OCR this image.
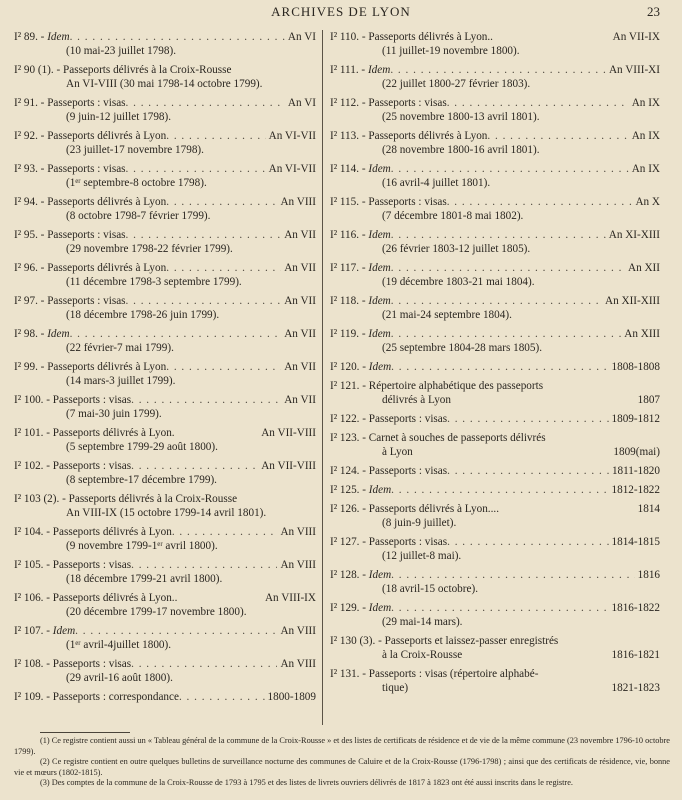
ARCHIVES DE LYON	23
I² 89. - Idem . . .	An VI
(10 mai-23 juillet 1798).
I² 90 (1). - Passeports délivrés à la Croix-Rousse
An VI-VIII (30 mai 1798-14 octobre 1799).
I² 91. - Passeports : visas . . .	An VI
(9 juin-12 juillet 1798).
I² 92. - Passeports délivrés à Lyon . . .	An VI-VII
(23 juillet-17 novembre 1798).
I² 93. - Passeports : visas . . .	An VI-VII
(1ᵉʳ septembre-8 octobre 1798).
I² 94. - Passeports délivrés à Lyon . . .	An VIII
(8 octobre 1798-7 février 1799).
I² 95. - Passeports : visas . . .	An VII
(29 novembre 1798-22 février 1799).
I² 96. - Passeports délivrés à Lyon . . .	An VII
(11 décembre 1798-3 septembre 1799).
I² 97. - Passeports : visas . . .	An VII
(18 décembre 1798-26 juin 1799).
I² 98. - Idem . . .	An VII
(22 février-7 mai 1799).
I² 99. - Passeports délivrés à Lyon . . .	An VII
(14 mars-3 juillet 1799).
I² 100. - Passeports : visas . . .	An VII
(7 mai-30 juin 1799).
I² 101. - Passeports délivrés à Lyon.	An VII-VIII
(5 septembre 1799-29 août 1800).
I² 102. - Passeports : visas . . .	An VII-VIII
(8 septembre-17 décembre 1799).
I² 103 (2). - Passeports délivrés à la Croix-Rousse
An VIII-IX (15 octobre 1799-14 avril 1801).
I² 104. - Passeports délivrés à Lyon . . .	An VIII
(9 novembre 1799-1ᵉʳ avril 1800).
I² 105. - Passeports : visas . . .	An VIII
(18 décembre 1799-21 avril 1800).
I² 106. - Passeports délivrés à Lyon..	An VIII-IX
(20 décembre 1799-17 novembre 1800).
I² 107. - Idem . . .	An VIII
(1ᵉʳ avril-4juillet 1800).
I² 108. - Passeports : visas . . .	An VIII
(29 avril-16 août 1800).
I² 109. - Passeports : correspondance . . .	1800-1809
I² 110. - Passeports délivrés à Lyon..	An VII-IX
(11 juillet-19 novembre 1800).
I² 111. - Idem . . .	An VIII-XI
(22 juillet 1800-27 février 1803).
I² 112. - Passeports : visas . . .	An IX
(25 novembre 1800-13 avril 1801).
I² 113. - Passeports délivrés à Lyon . . .	An IX
(28 novembre 1800-16 avril 1801).
I² 114. - Idem . . .	An IX
(16 avril-4 juillet 1801).
I² 115. - Passeports : visas . . .	An X
(7 décembre 1801-8 mai 1802).
I² 116. - Idem . . .	An XI-XIII
(26 février 1803-12 juillet 1805).
I² 117. - Idem . . .	An XII
(19 décembre 1803-21 mai 1804).
I² 118. - Idem . . .	An XII-XIII
(21 mai-24 septembre 1804).
I² 119. - Idem . . .	An XIII
(25 septembre 1804-28 mars 1805).
I² 120. - Idem . . .	1808-1808
I² 121. - Répertoire alphabétique des passeports
délivrés à Lyon	1807
I² 122. - Passeports : visas . . .	1809-1812
I² 123. - Carnet à souches de passeports délivrés
à Lyon	1809(mai)
I² 124. - Passeports : visas . . .	1811-1820
I² 125. - Idem . . .	1812-1822
I² 126. - Passeports délivrés à Lyon....	1814
(8 juin-9 juillet).
I² 127. - Passeports : visas . . .	1814-1815
(12 juillet-8 mai).
I² 128. - Idem . . .	1816
(18 avril-15 octobre).
I² 129. - Idem . . .	1816-1822
(29 mai-14 mars).
I² 130 (3). - Passeports et laissez-passer enregistrés
à la Croix-Rousse	1816-1821
I² 131. - Passeports : visas (répertoire alphabé-
tique)	1821-1823

(1) Ce registre contient aussi un « Tableau général de la commune de la Croix-Rousse » et des listes de certificats de résidence et de vie de la même commune (23 novembre 1796-10 octobre 1799).

(2) Ce registre contient en outre quelques bulletins de surveillance nocturne des communes de Caluire et de la Croix-Rousse (1796-1798) ; ainsi que des certificats de résidence, vie, bonne vie et mœurs (1802-1815).

(3) Des comptes de la commune de la Croix-Rousse de 1793 à 1795 et des listes de livrets ouvriers délivrés de 1817 à 1823 ont été aussi inscrits dans le registre.
